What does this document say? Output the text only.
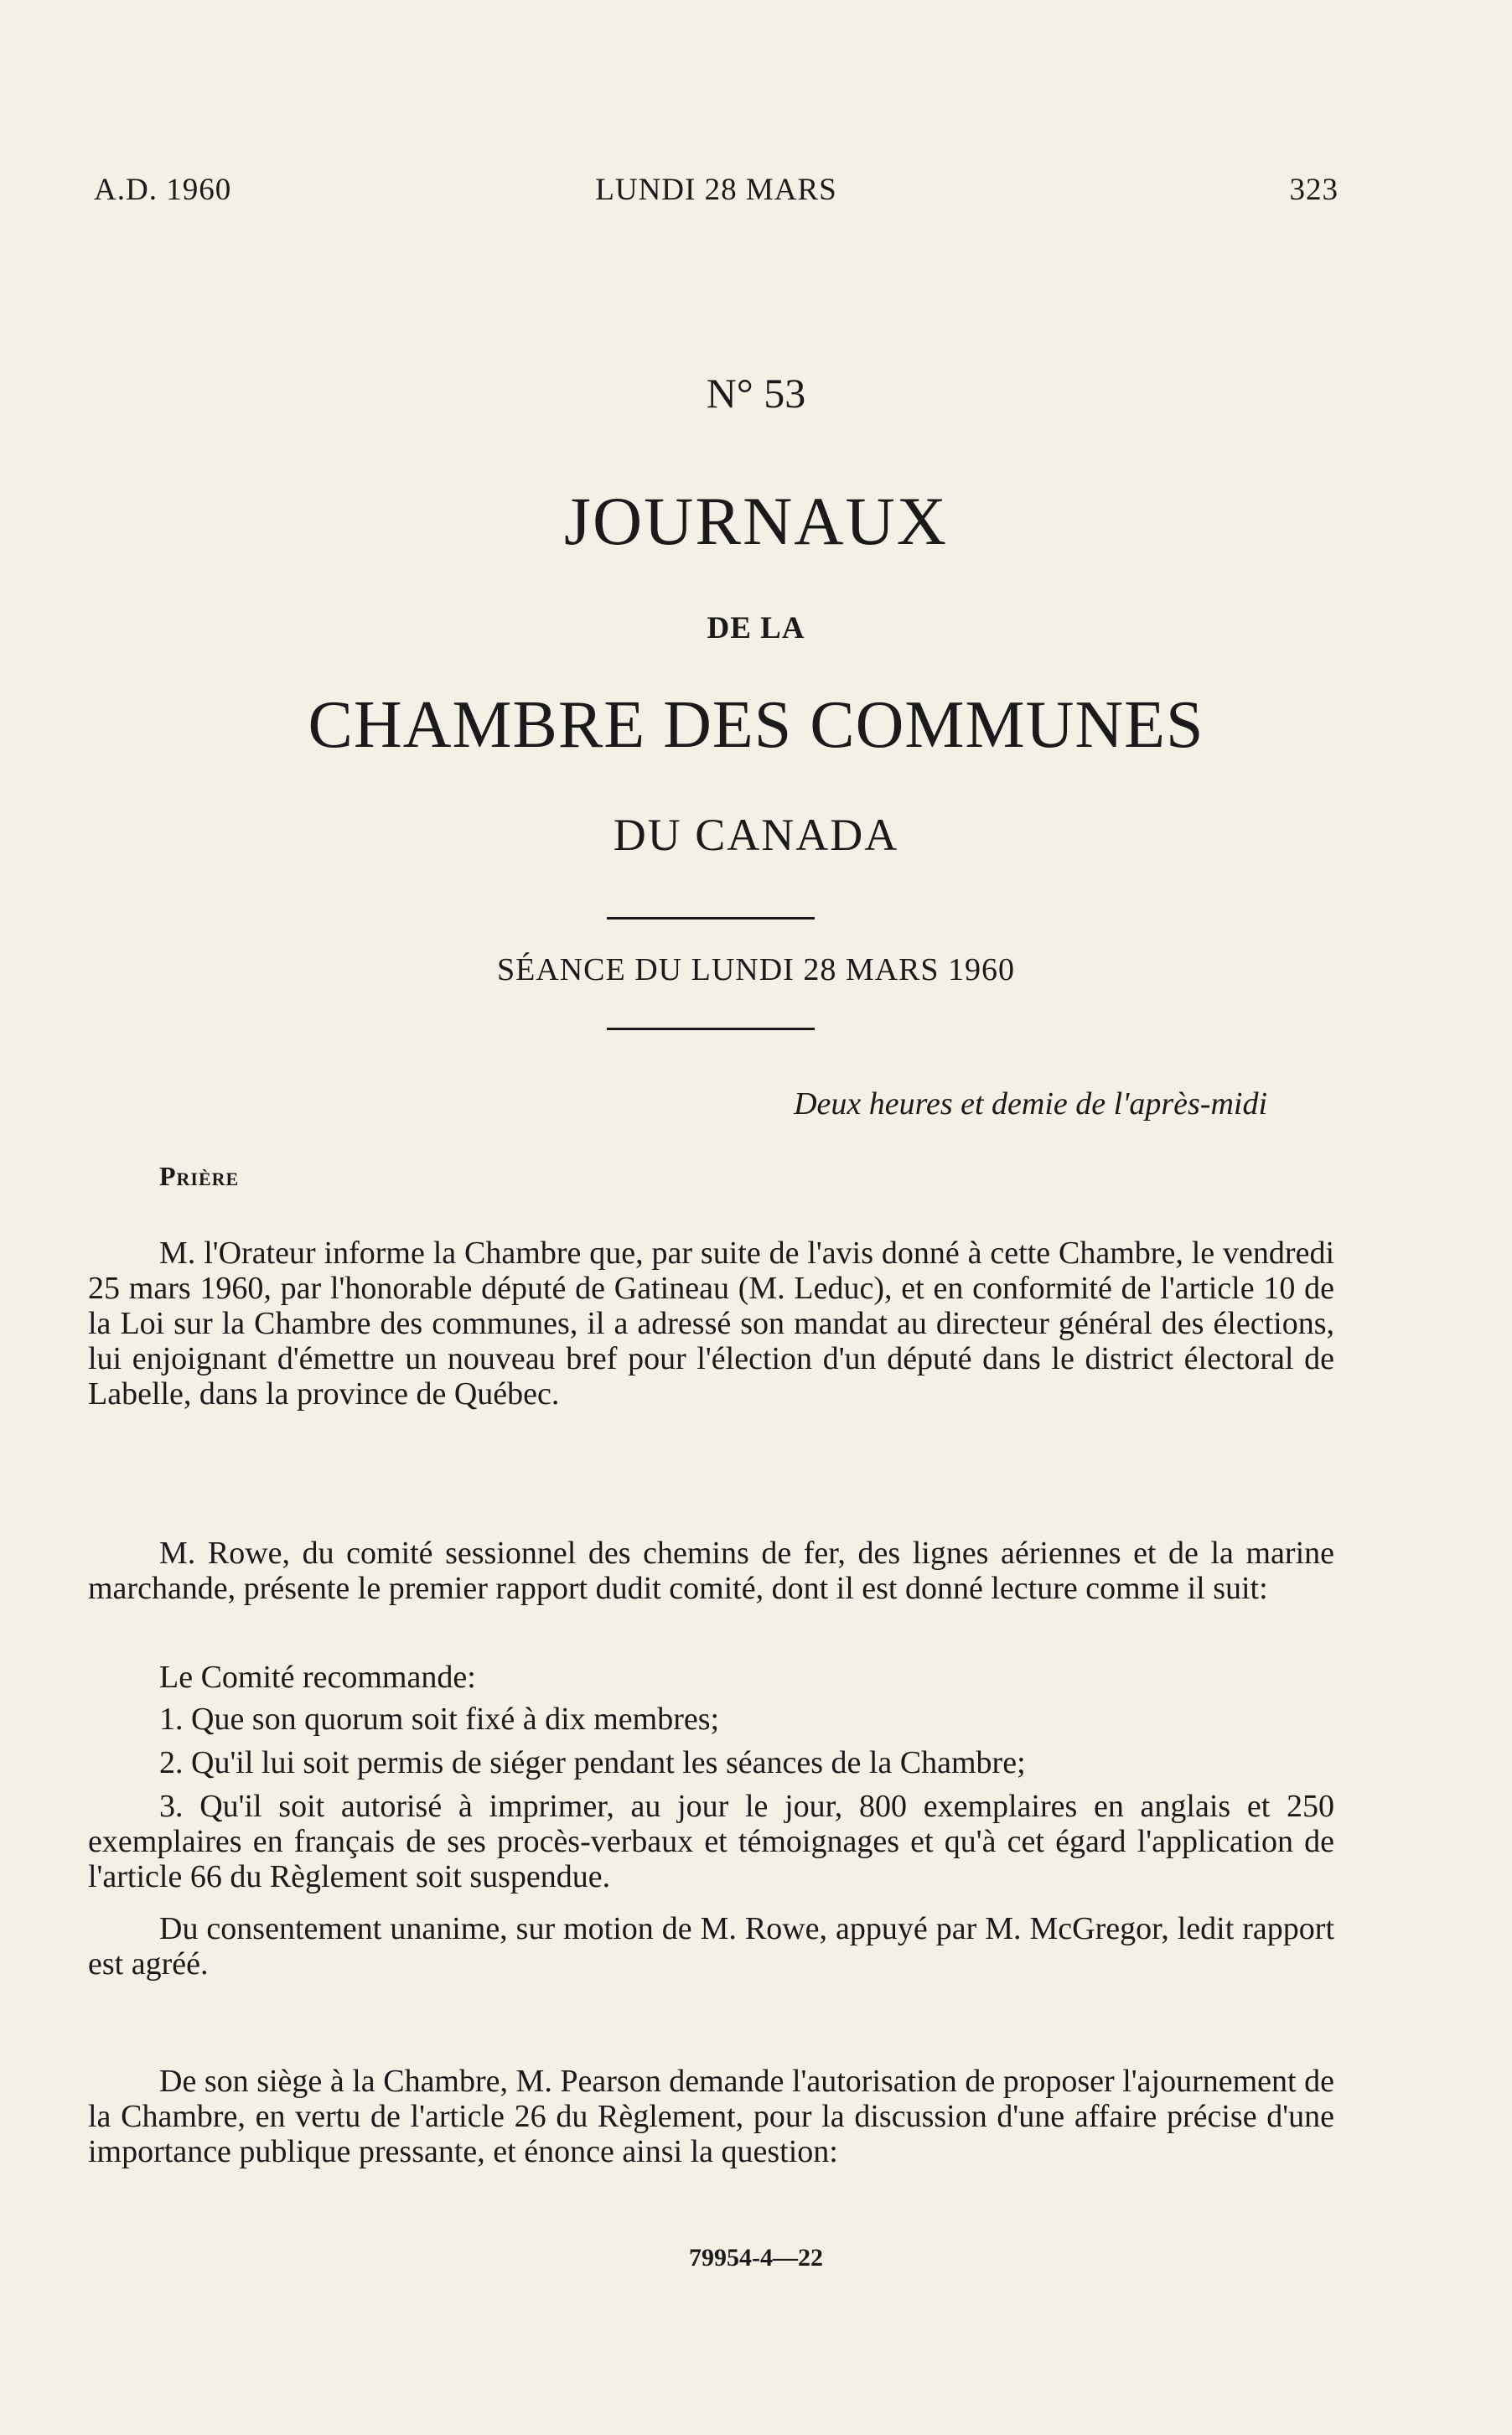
A.D. 1960	LUNDI 28 MARS	323
N° 53
JOURNAUX
DE LA
CHAMBRE DES COMMUNES
DU CANADA
SÉANCE DU LUNDI 28 MARS 1960
Deux heures et demie de l'après-midi
Prière
M. l'Orateur informe la Chambre que, par suite de l'avis donné à cette Chambre, le vendredi 25 mars 1960, par l'honorable député de Gatineau (M. Leduc), et en conformité de l'article 10 de la Loi sur la Chambre des communes, il a adressé son mandat au directeur général des élections, lui enjoignant d'émettre un nouveau bref pour l'élection d'un député dans le district électoral de Labelle, dans la province de Québec.
M. Rowe, du comité sessionnel des chemins de fer, des lignes aériennes et de la marine marchande, présente le premier rapport dudit comité, dont il est donné lecture comme il suit:
Le Comité recommande:
1. Que son quorum soit fixé à dix membres;
2. Qu'il lui soit permis de siéger pendant les séances de la Chambre;
3. Qu'il soit autorisé à imprimer, au jour le jour, 800 exemplaires en anglais et 250 exemplaires en français de ses procès-verbaux et témoignages et qu'à cet égard l'application de l'article 66 du Règlement soit suspendue.
Du consentement unanime, sur motion de M. Rowe, appuyé par M. McGregor, ledit rapport est agréé.
De son siège à la Chambre, M. Pearson demande l'autorisation de proposer l'ajournement de la Chambre, en vertu de l'article 26 du Règlement, pour la discussion d'une affaire précise d'une importance publique pressante, et énonce ainsi la question:
79954-4—22
